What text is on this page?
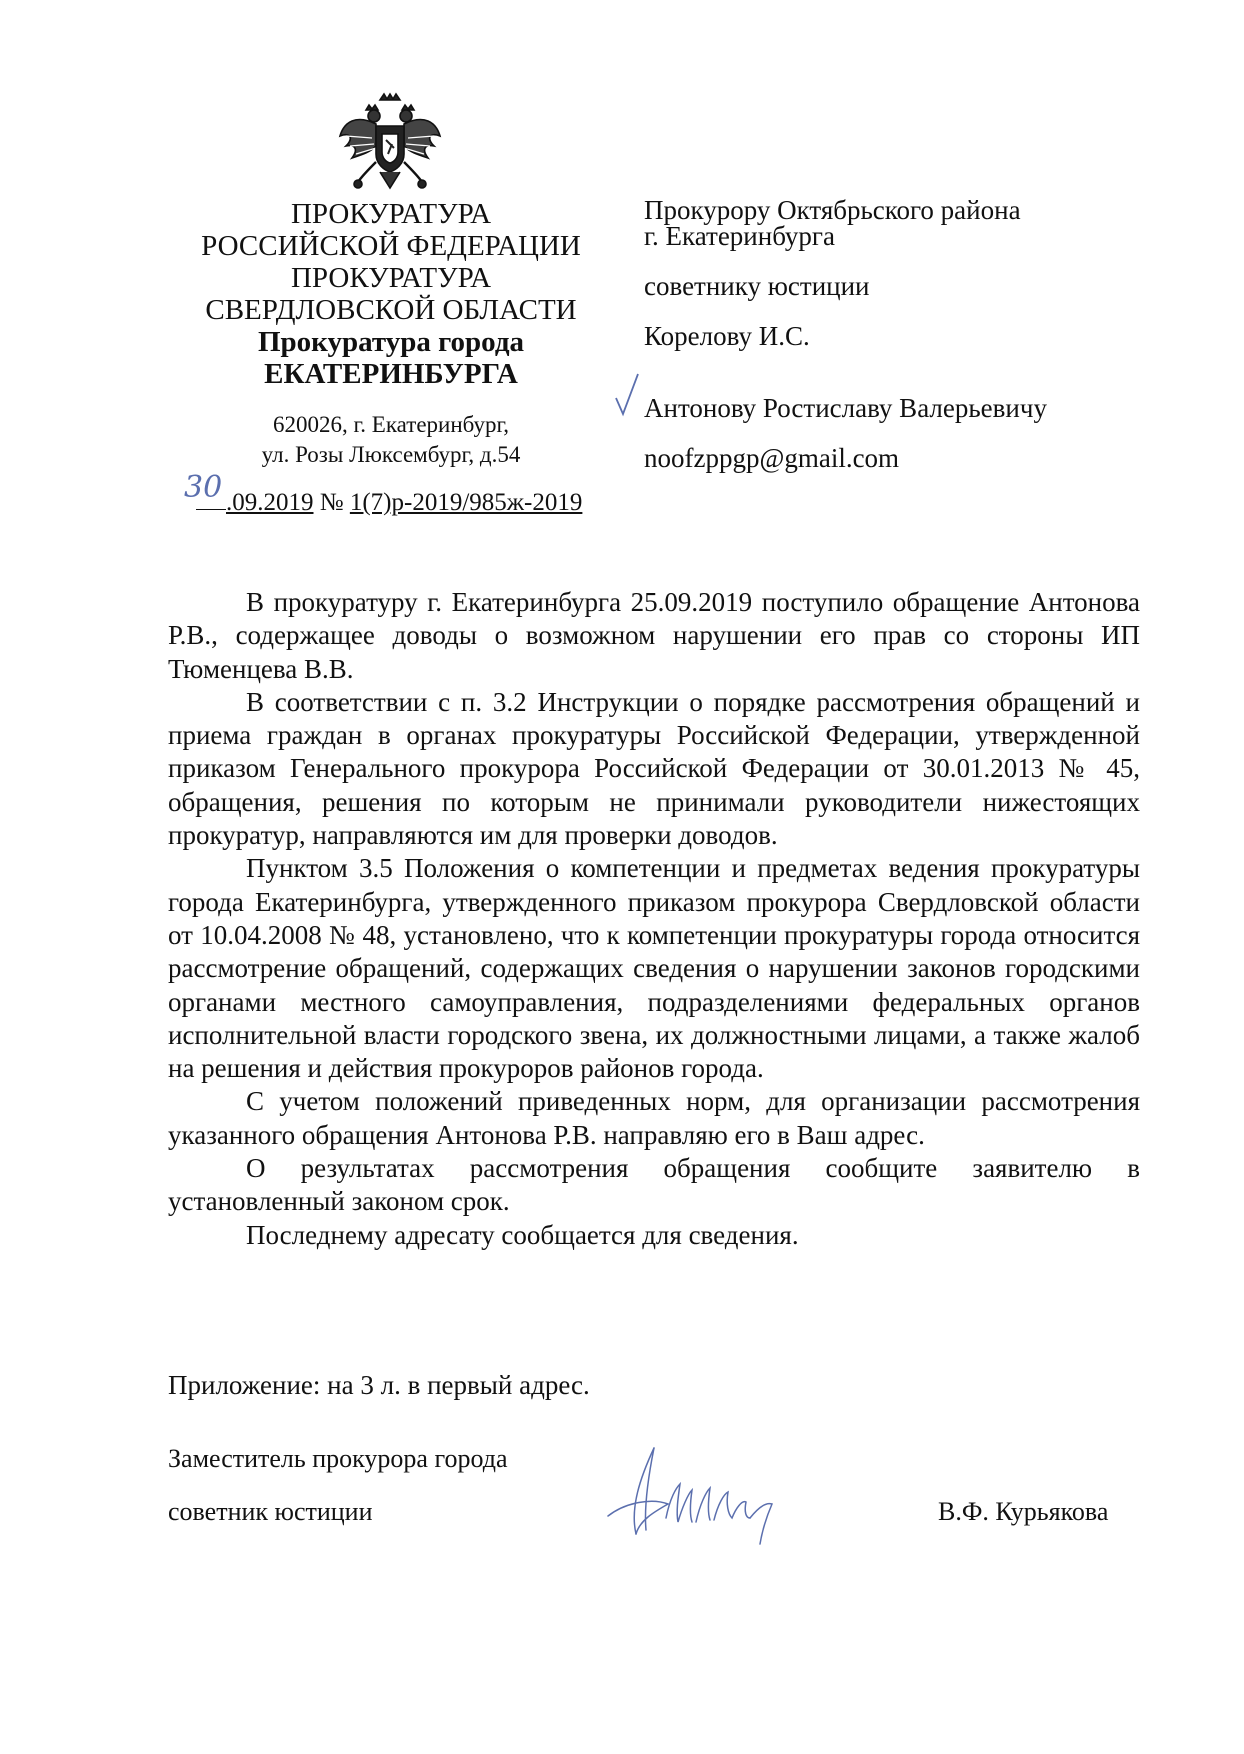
ПРОКУРАТУРА
РОССИЙСКОЙ ФЕДЕРАЦИИ
ПРОКУРАТУРА
СВЕРДЛОВСКОЙ ОБЛАСТИ
Прокуратура города
ЕКАТЕРИНБУРГА
620026, г. Екатеринбург,
ул. Розы Люксембург, д.54
30 .09.2019 № 1(7)р-2019/985ж-2019
Прокурору Октябрьского района
г. Екатеринбурга
советнику юстиции
Корелову И.С.
Антонову Ростиславу Валерьевичу
noofzppgp@gmail.com

В прокуратуру г. Екатеринбурга 25.09.2019 поступило обращение Антонова Р.В., содержащее доводы о возможном нарушении его прав со стороны ИП Тюменцева В.В.

В соответствии с п. 3.2 Инструкции о порядке рассмотрения обращений и приема граждан в органах прокуратуры Российской Федерации, утвержденной приказом Генерального прокурора Российской Федерации от 30.01.2013 № 45, обращения, решения по которым не принимали руководители нижестоящих прокуратур, направляются им для проверки доводов.

Пунктом 3.5 Положения о компетенции и предметах ведения прокуратуры города Екатеринбурга, утвержденного приказом прокурора Свердловской области от 10.04.2008 № 48, установлено, что к компетенции прокуратуры города относится рассмотрение обращений, содержащих сведения о нарушении законов городскими органами местного самоуправления, подразделениями федеральных органов исполнительной власти городского звена, их должностными лицами, а также жалоб на решения и действия прокуроров районов города.

С учетом положений приведенных норм, для организации рассмотрения указанного обращения Антонова Р.В. направляю его в Ваш адрес.

О результатах рассмотрения обращения сообщите заявителю в установленный законом срок.

Последнему адресату сообщается для сведения.

Приложение: на 3 л. в первый адрес.
Заместитель прокурора города
советник юстиции	В.Ф. Курьякова
